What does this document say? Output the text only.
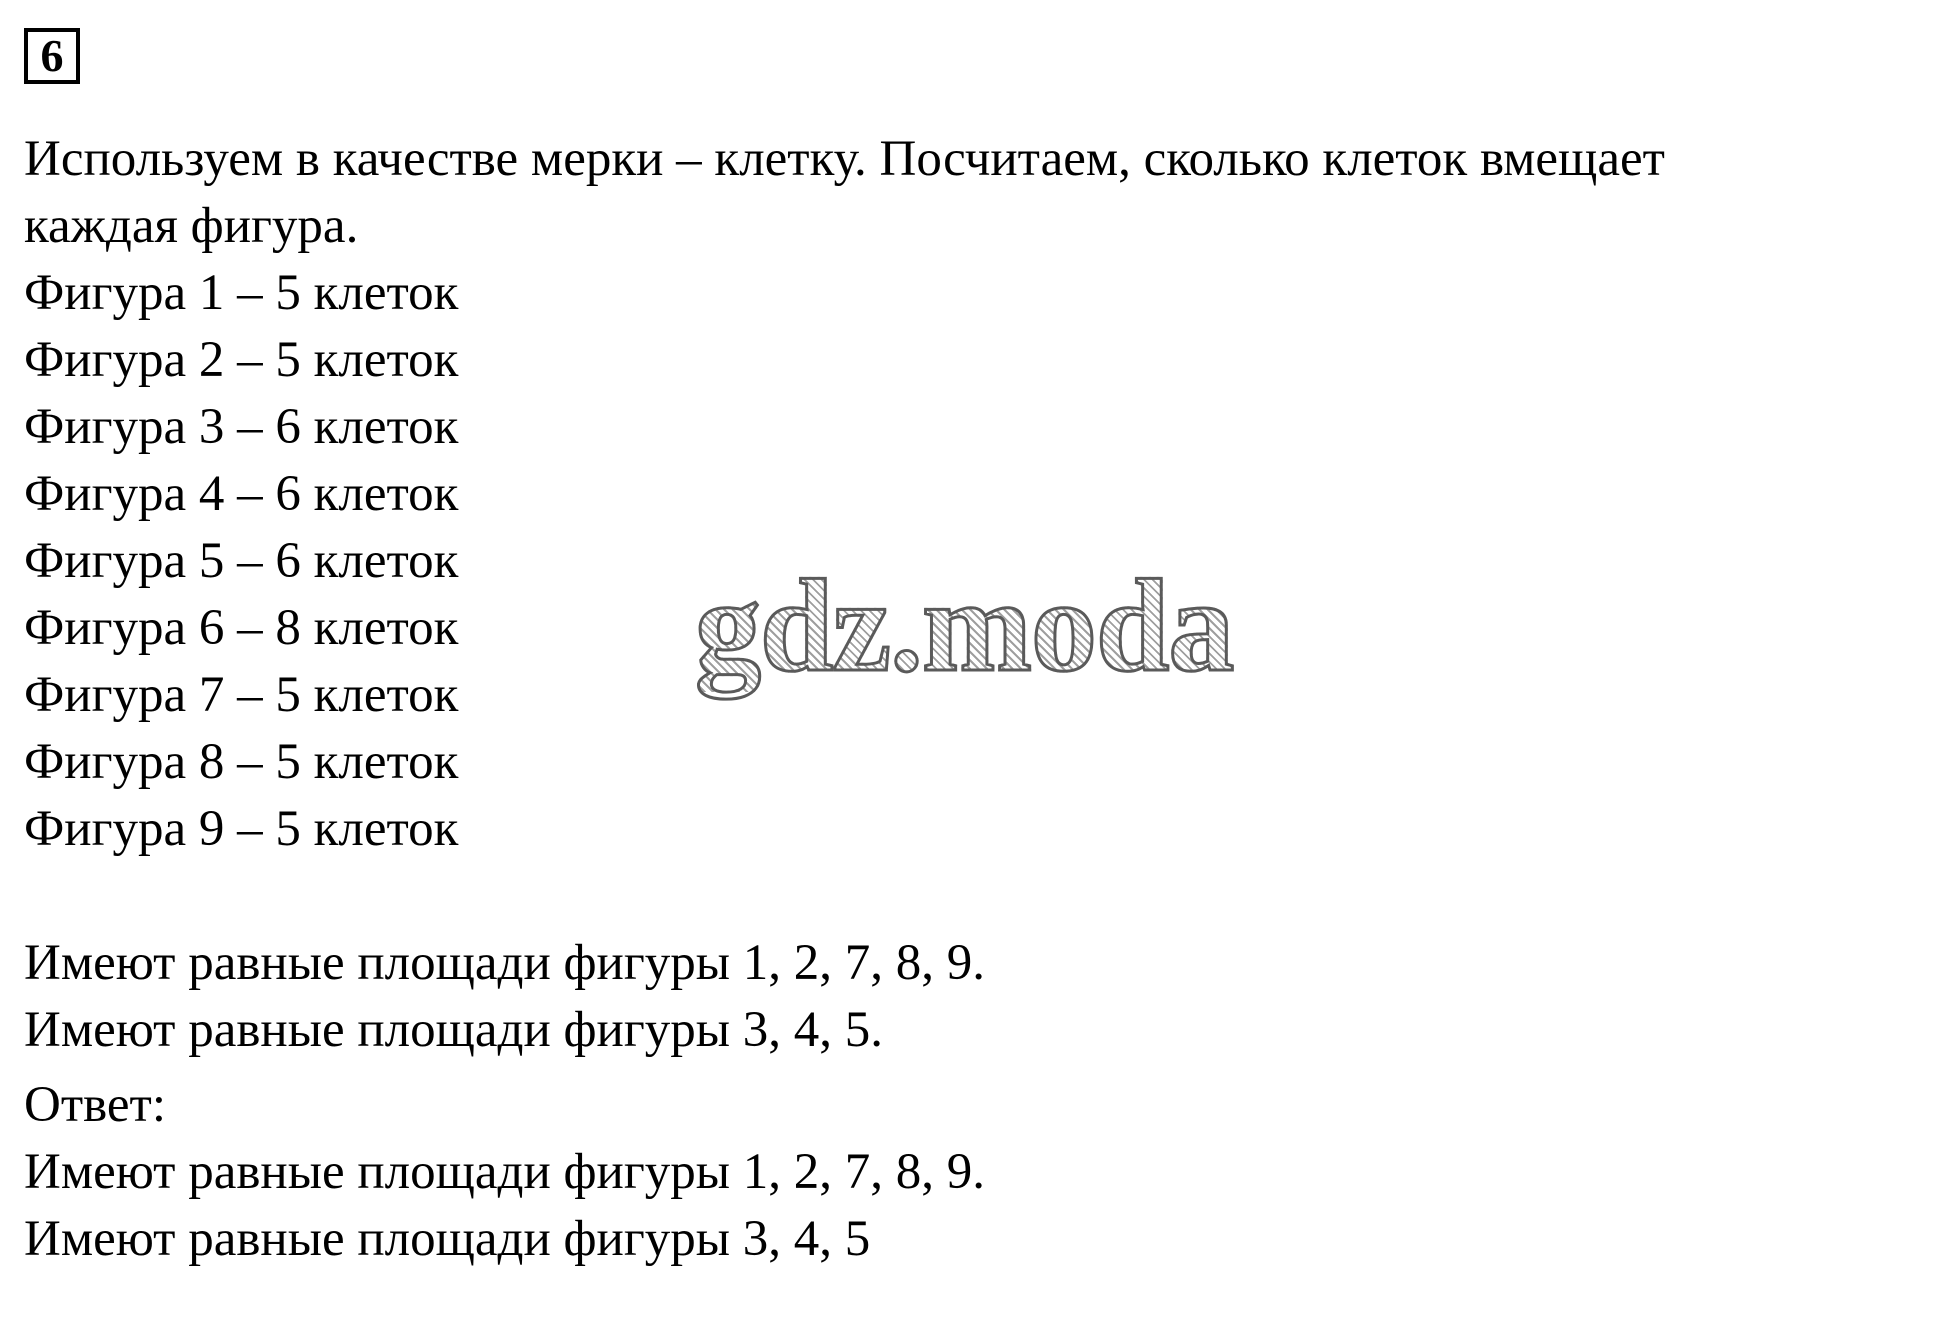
6
Используем в качестве мерки – клетку. Посчитаем, сколько клеток вмещает
каждая фигура.
Фигура 1 – 5 клеток
Фигура 2 – 5 клеток
Фигура 3 – 6 клеток
Фигура 4 – 6 клеток
Фигура 5 – 6 клеток
Фигура 6 – 8 клеток
Фигура 7 – 5 клеток
Фигура 8 – 5 клеток
Фигура 9 – 5 клеток
Имеют равные площади фигуры 1, 2, 7, 8, 9.
Имеют равные площади фигуры 3, 4, 5.
Ответ:
Имеют равные площади фигуры 1, 2, 7, 8, 9.
Имеют равные площади фигуры 3, 4, 5
gdz.moda
